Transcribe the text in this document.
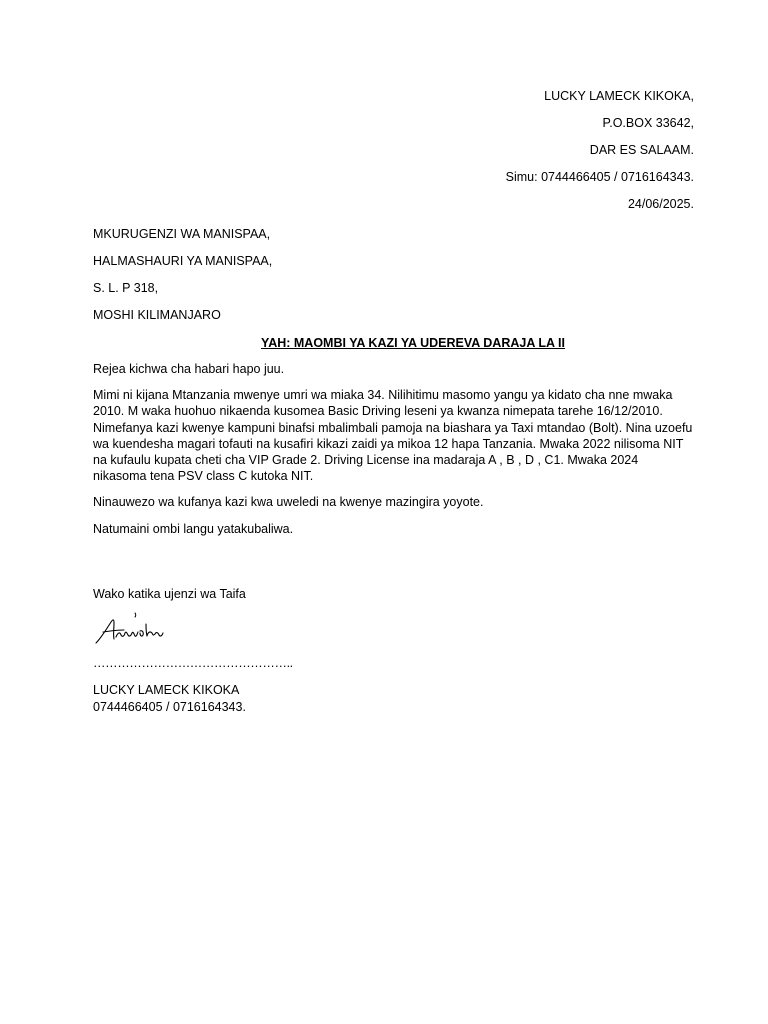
LUCKY LAMECK KIKOKA,
P.O.BOX 33642,
DAR ES SALAAM.
Simu: 0744466405 / 0716164343.
24/06/2025.
MKURUGENZI WA MANISPAA,
HALMASHAURI YA MANISPAA,
S. L. P 318,
MOSHI KILIMANJARO
YAH: MAOMBI YA KAZI YA UDEREVA DARAJA LA II

Rejea kichwa cha habari hapo juu.

Mimi ni kijana Mtanzania mwenye umri wa miaka 34. Nilihitimu masomo yangu ya kidato cha nne mwaka 2010. M waka huohuo nikaenda kusomea Basic Driving leseni ya kwanza nimepata tarehe 16/12/2010. Nimefanya kazi kwenye kampuni binafsi mbalimbali pamoja na biashara ya Taxi mtandao (Bolt). Nina uzoefu wa kuendesha magari tofauti na kusafiri kikazi zaidi ya mikoa 12 hapa Tanzania. Mwaka 2022 nilisoma NIT na kufaulu kupata cheti cha VIP Grade 2. Driving License ina madaraja A , B , D , C1. Mwaka 2024 nikasoma tena PSV class C kutoka NIT.

Ninauwezo wa kufanya kazi kwa uweledi na kwenye mazingira yoyote.

Natumaini ombi langu yatakubaliwa.

Wako katika ujenzi wa Taifa
…………………………………………..
LUCKY LAMECK KIKOKA
0744466405 / 0716164343.
